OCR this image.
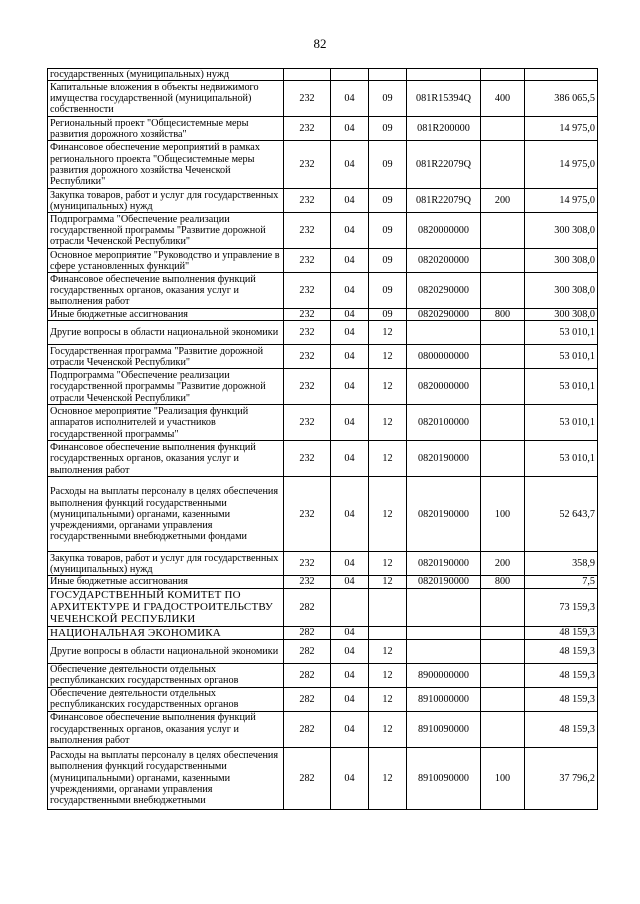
82
государственных (муниципальных) нужд						
Капитальные вложения в объекты недвижимого имущества государственной (муниципальной) собственности	232	04	09	081R15394Q	400	386 065,5
Региональный проект "Общесистемные меры развития дорожного хозяйства"	232	04	09	081R200000		14 975,0
Финансовое обеспечение мероприятий в рамках регионального проекта "Общесистемные меры развития дорожного хозяйства Чеченской Республики"	232	04	09	081R22079Q		14 975,0
Закупка товаров, работ и услуг для государственных (муниципальных) нужд	232	04	09	081R22079Q	200	14 975,0
Подпрограмма "Обеспечение реализации государственной программы "Развитие дорожной отрасли Чеченской Республики"	232	04	09	0820000000		300 308,0
Основное мероприятие "Руководство и управление в сфере установленных функций"	232	04	09	0820200000		300 308,0
Финансовое обеспечение выполнения функций государственных органов, оказания услуг и выполнения работ	232	04	09	0820290000		300 308,0
Иные бюджетные ассигнования	232	04	09	0820290000	800	300 308,0
Другие вопросы в области национальной экономики	232	04	12			53 010,1
Государственная программа "Развитие дорожной отрасли Чеченской Республики"	232	04	12	0800000000		53 010,1
Подпрограмма "Обеспечение реализации государственной программы "Развитие дорожной отрасли Чеченской Республики"	232	04	12	0820000000		53 010,1
Основное мероприятие "Реализация функций аппаратов исполнителей и участников государственной программы"	232	04	12	0820100000		53 010,1
Финансовое обеспечение выполнения функций государственных органов, оказания услуг и выполнения работ	232	04	12	0820190000		53 010,1
Расходы на выплаты персоналу в целях обеспечения выполнения функций государственными (муниципальными) органами, казенными учреждениями, органами управления государственными внебюджетными фондами	232	04	12	0820190000	100	52 643,7
Закупка товаров, работ и услуг для государственных (муниципальных) нужд	232	04	12	0820190000	200	358,9
Иные бюджетные ассигнования	232	04	12	0820190000	800	7,5
ГОСУДАРСТВЕННЫЙ КОМИТЕТ ПО АРХИТЕКТУРЕ И ГРАДОСТРОИТЕЛЬСТВУ ЧЕЧЕНСКОЙ РЕСПУБЛИКИ	282					73 159,3
НАЦИОНАЛЬНАЯ ЭКОНОМИКА	282	04				48 159,3
Другие вопросы в области национальной экономики	282	04	12			48 159,3
Обеспечение деятельности отдельных республиканских государственных органов	282	04	12	8900000000		48 159,3
Обеспечение деятельности отдельных республиканских государственных органов	282	04	12	8910000000		48 159,3
Финансовое обеспечение выполнения функций государственных органов, оказания услуг и выполнения работ	282	04	12	8910090000		48 159,3
Расходы на выплаты персоналу в целях обеспечения выполнения функций государственными (муниципальными) органами, казенными учреждениями, органами управления государственными внебюджетными	282	04	12	8910090000	100	37 796,2
